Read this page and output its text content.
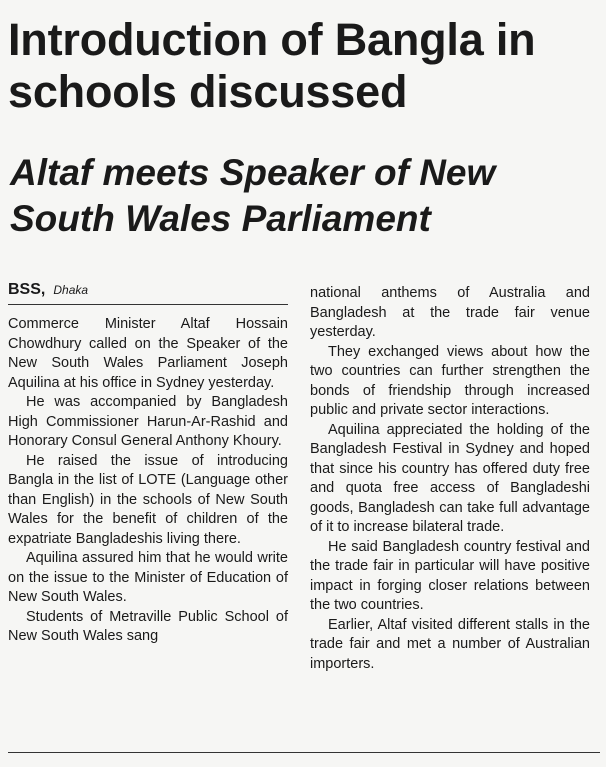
Introduction of Bangla in schools discussed
Altaf meets Speaker of New South Wales Parliament
BSS, Dhaka

Commerce Minister Altaf Hossain Chowdhury called on the Speaker of the New South Wales Parliament Joseph Aquilina at his office in Sydney yesterday.

He was accompanied by Bangladesh High Commissioner Harun-Ar-Rashid and Honorary Consul General Anthony Khoury.

He raised the issue of introducing Bangla in the list of LOTE (Language other than English) in the schools of New South Wales for the benefit of children of the expatriate Bangladeshis living there.

Aquilina assured him that he would write on the issue to the Minister of Education of New South Wales.

Students of Metraville Public School of New South Wales sang

national anthems of Australia and Bangladesh at the trade fair venue yesterday.

They exchanged views about how the two countries can further strengthen the bonds of friendship through increased public and private sector interactions.

Aquilina appreciated the holding of the Bangladesh Festival in Sydney and hoped that since his country has offered duty free and quota free access of Bangladeshi goods, Bangladesh can take full advantage of it to increase bilateral trade.

He said Bangladesh country festival and the trade fair in particular will have positive impact in forging closer relations between the two countries.

Earlier, Altaf visited different stalls in the trade fair and met a number of Australian importers.
